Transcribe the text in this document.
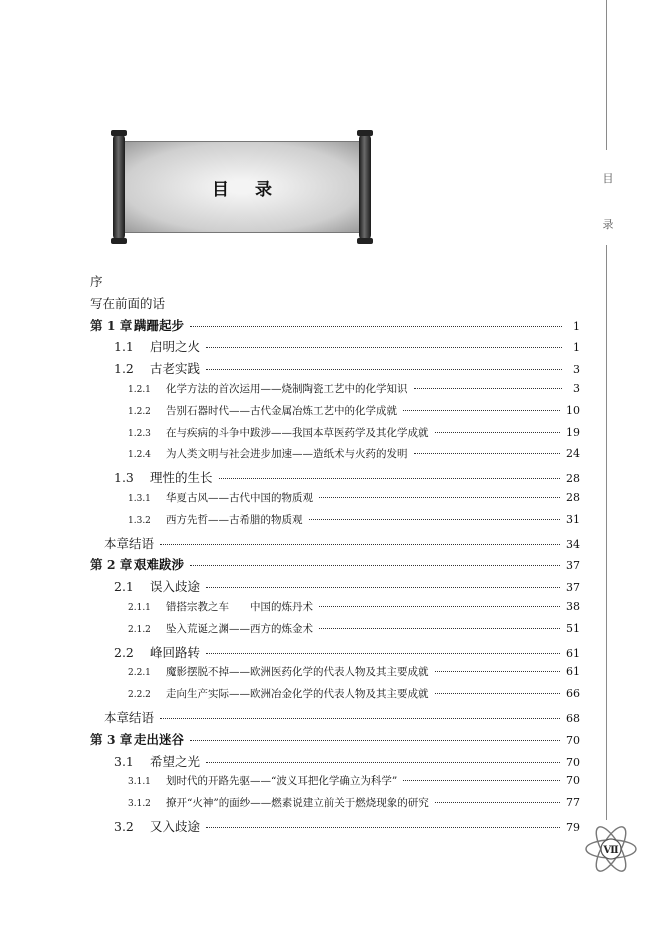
目
录
目录
序
写在前面的话
第 1 章 蹒跚起步	1
1.1	启明之火	1
1.2	古老实践	3
1.2.1	化学方法的首次运用——烧制陶瓷工艺中的化学知识	3
1.2.2	告别石器时代——古代金属冶炼工艺中的化学成就	10
1.2.3	在与疾病的斗争中跋涉——我国本草医药学及其化学成就	19
1.2.4	为人类文明与社会进步加速——造纸术与火药的发明	24
1.3	理性的生长	28
1.3.1	华夏古风——古代中国的物质观	28
1.3.2	西方先哲——古希腊的物质观	31
本章结语	34
第 2 章 艰难跋涉	37
2.1	误入歧途	37
2.1.1	错搭宗教之车　　中国的炼丹术	38
2.1.2	坠入荒诞之渊——西方的炼金术	51
2.2	峰回路转	61
2.2.1	魔影摆脱不掉——欧洲医药化学的代表人物及其主要成就	61
2.2.2	走向生产实际——欧洲冶金化学的代表人物及其主要成就	66
本章结语	68
第 3 章 走出迷谷	70
3.1	希望之光	70
3.1.1	划时代的开路先驱——“波义耳把化学确立为科学”	70
3.1.2	撩开“火神”的面纱——燃素说建立前关于燃烧现象的研究	77
3.2	又入歧途	79
Ⅶ
